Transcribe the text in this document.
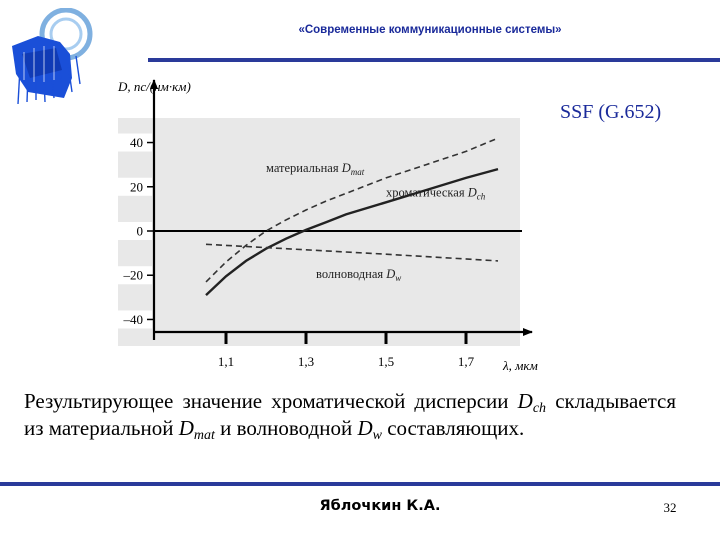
«Современные коммуникационные системы»
SSF (G.652)
40
20
0
–20
–40
1,1	1,3	1,5	1,7
D, пс/(нм·км)
λ, мкм
материальная $D_{mat}$
хроматическая $D_{ch}$
волноводная $D_w$
Результирующее значение хроматической дисперсии $D_{ch}$ складывается из материальной $D_{mat}$ и волноводной $D_w$ составляющих.
Яблочкин К.А.	32
